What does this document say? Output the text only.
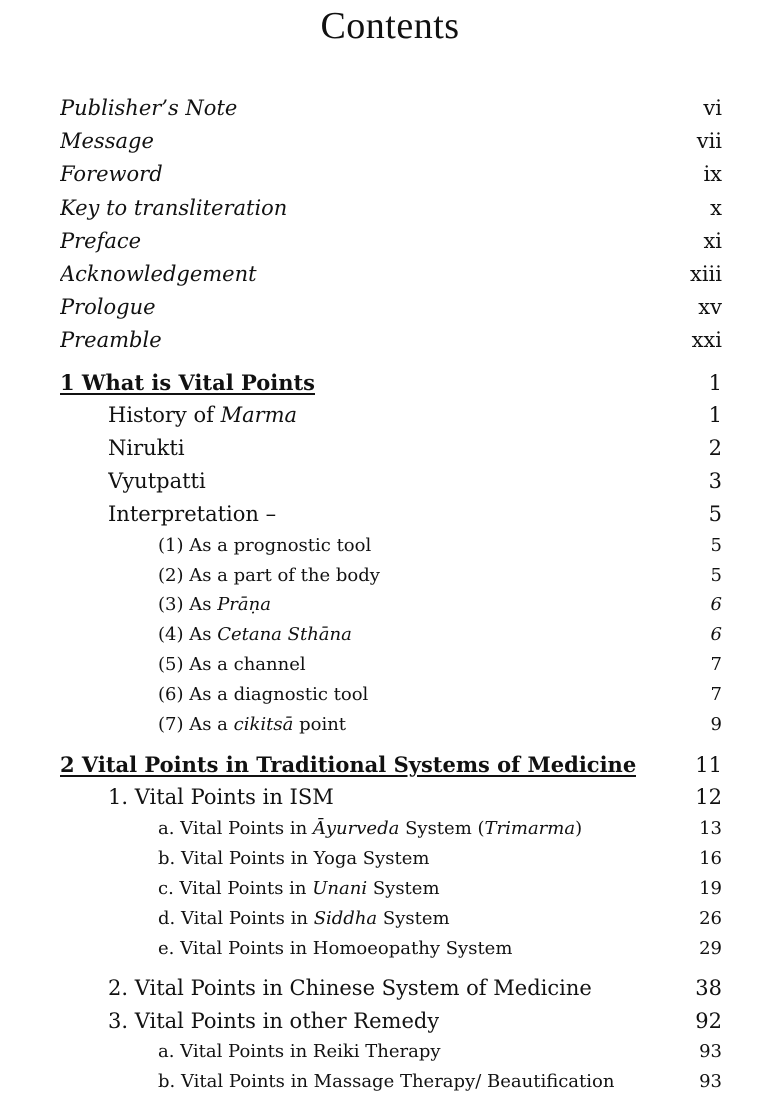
Contents
Publisher’s Note	vi
Message	vii
Foreword	ix
Key to transliteration	x
Preface	xi
Acknowledgement	xiii
Prologue	xv
Preamble	xxi
1 What is Vital Points	1
History of Marma	1
Nirukti	2
Vyutpatti	3
Interpretation –	5
(1) As a prognostic tool	5
(2) As a part of the body	5
(3) As Prāṇa	6
(4) As Cetana Sthāna	6
(5) As a channel	7
(6) As a diagnostic tool	7
(7) As a cikitsā point	9
2 Vital Points in Traditional Systems of Medicine	11
1. Vital Points in ISM	12
a. Vital Points in Āyurveda System (Trimarma)	13
b. Vital Points in Yoga System	16
c. Vital Points in Unani System	19
d. Vital Points in Siddha System	26
e. Vital Points in Homoeopathy System	29
2. Vital Points in Chinese System of Medicine	38
3. Vital Points in other Remedy	92
a. Vital Points in Reiki Therapy	93
b. Vital Points in Massage Therapy/ Beautification	93
